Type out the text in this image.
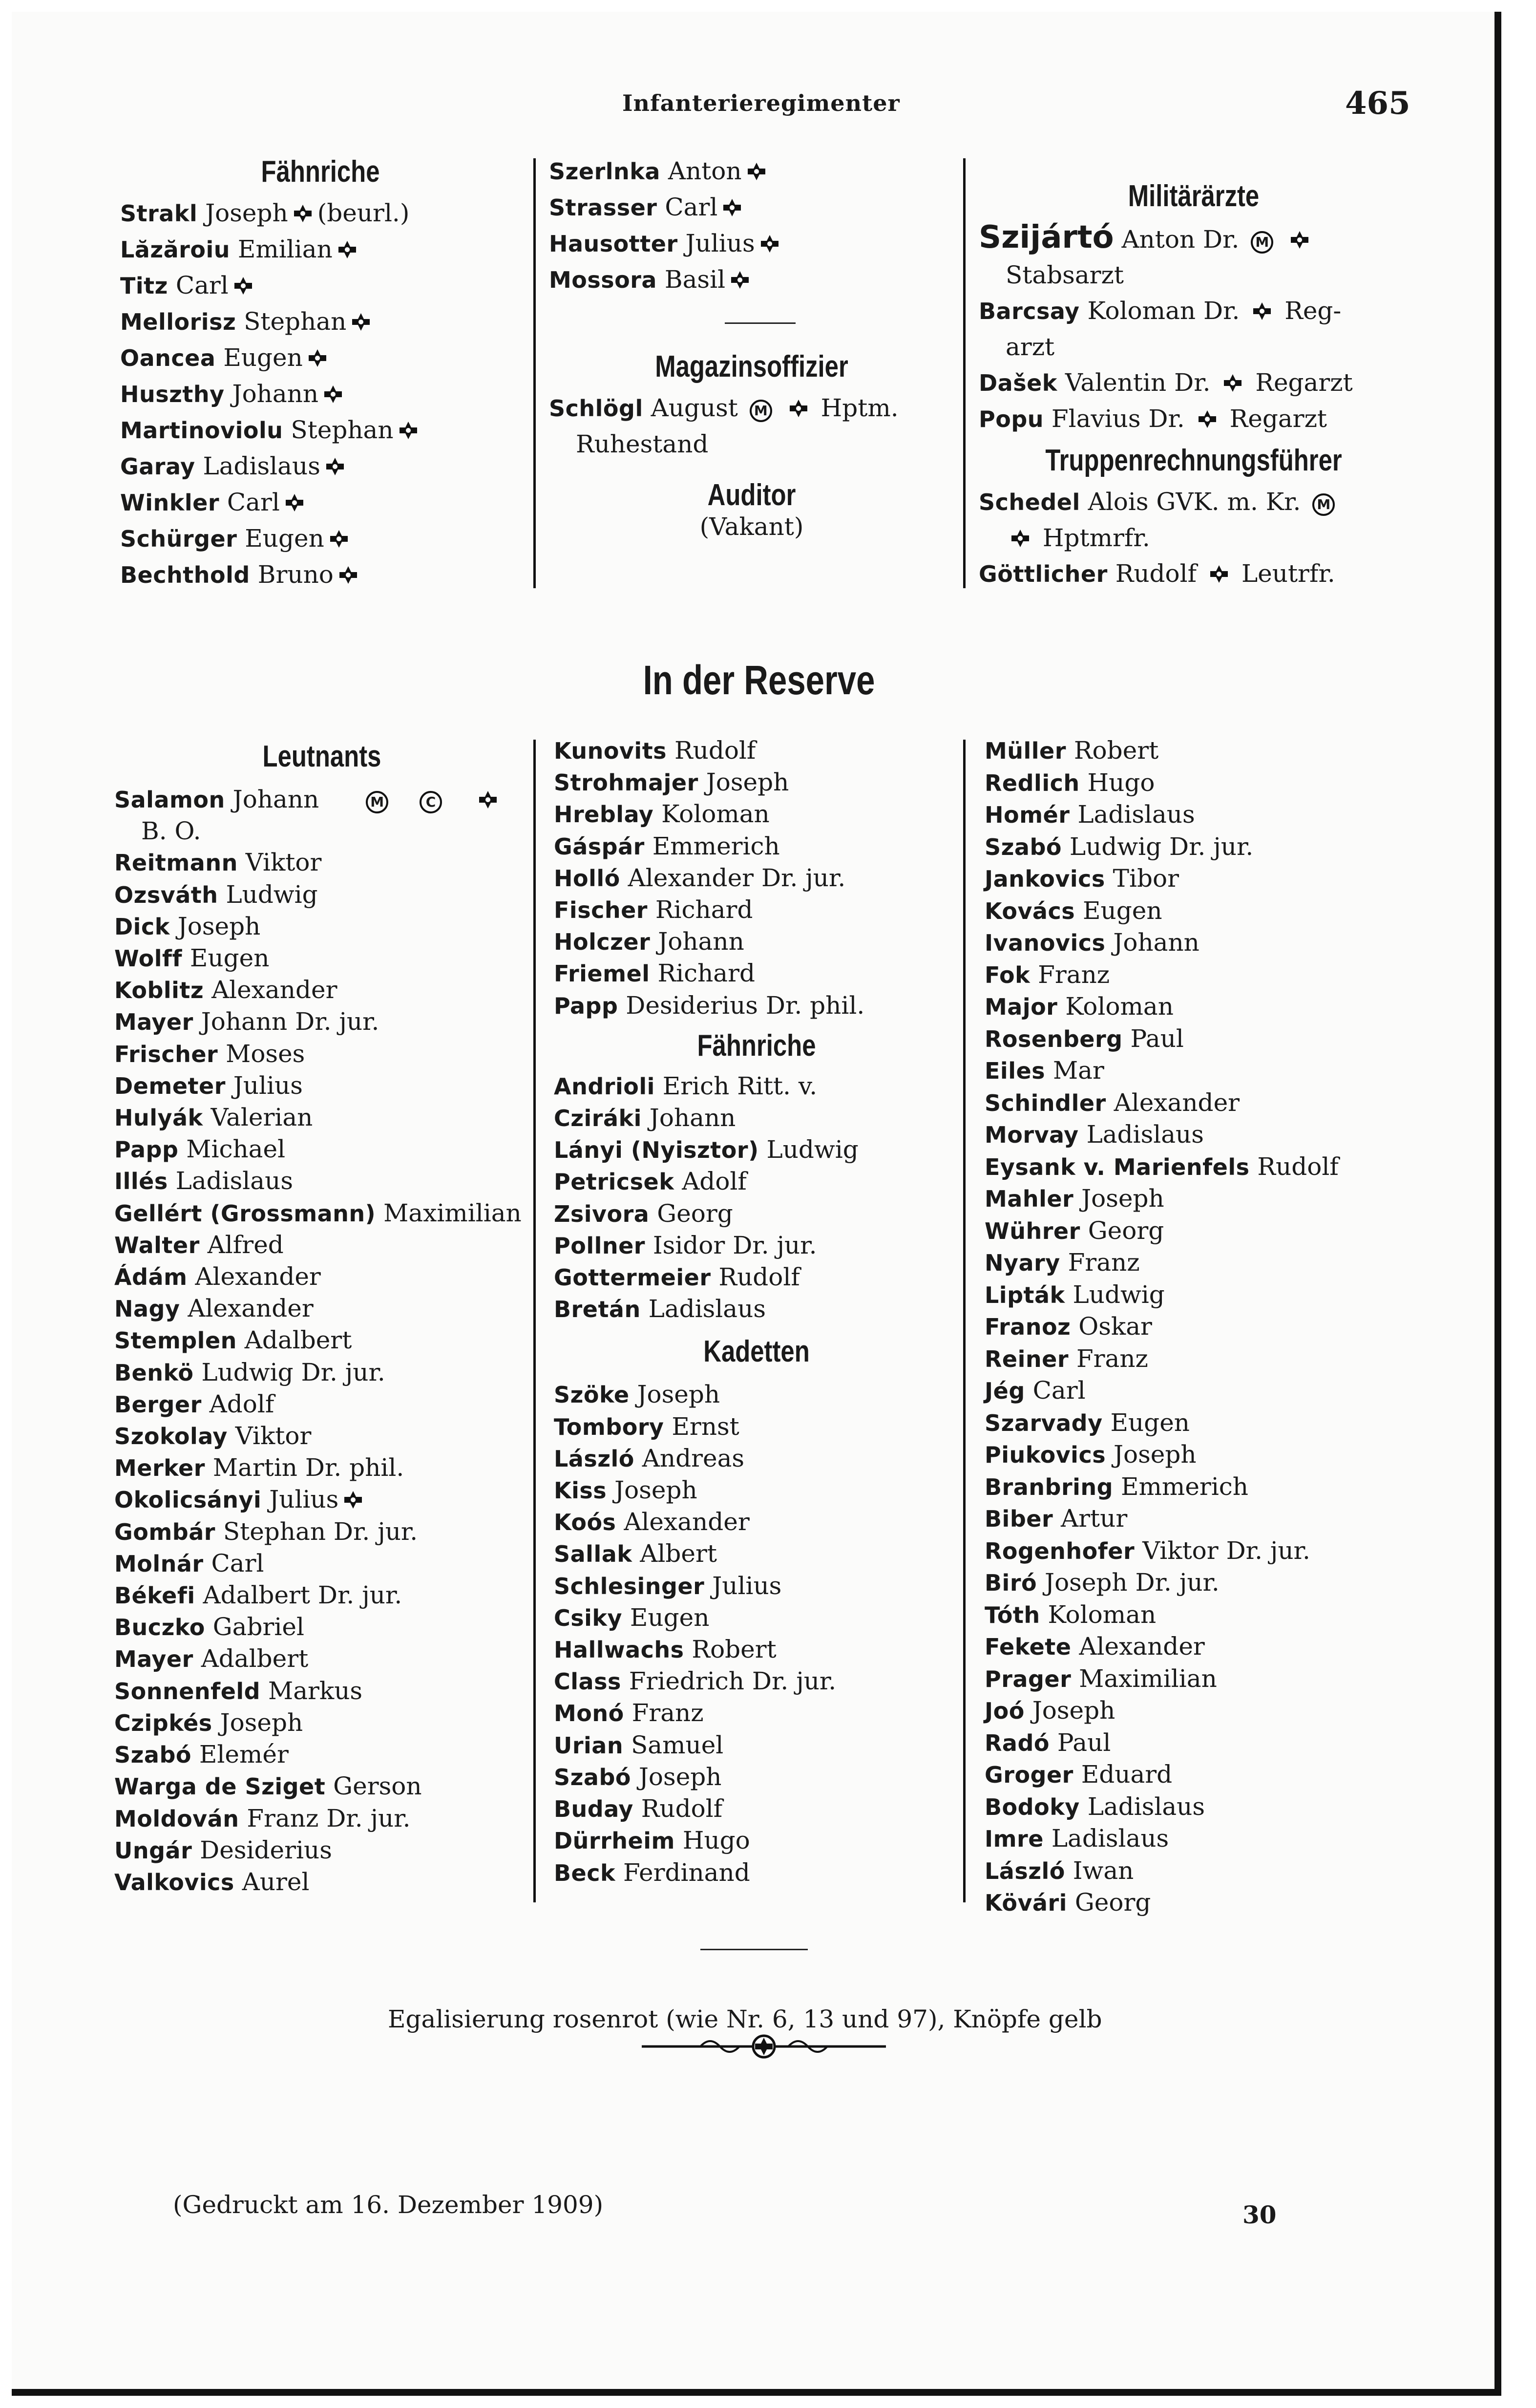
Infanterieregimenter	465
Fähnriche
Strakl Joseph (beurl.)
Lăzăroiu Emilian
Titz Carl
Mellorisz Stephan
Oancea Eugen
Huszthy Johann
Martinoviolu Stephan
Garay Ladislaus
Winkler Carl
Schürger Eugen
Bechthold Bruno
Szerlnka Anton
Strasser Carl
Hausotter Julius
Mossora Basil
Magazinsoffizier
Schlögl August M Hptm.
Ruhestand
Auditor
(Vakant)
Militärärzte
Szijártó Anton Dr. M
Stabsarzt
Barcsay Koloman Dr. Reg-
arzt
Dašek Valentin Dr. Regarzt
Popu Flavius Dr. Regarzt
Truppenrechnungsführer
Schedel Alois GVK. m. Kr. M
Hptmrfr.
Göttlicher Rudolf Leutrfr.
In der Reserve
Leutnants
Salamon Johann	M	C
B. O.
Reitmann Viktor
Ozsváth Ludwig
Dick Joseph
Wolff Eugen
Koblitz Alexander
Mayer Johann Dr. jur.
Frischer Moses
Demeter Julius
Hulyák Valerian
Papp Michael
Illés Ladislaus
Gellért (Grossmann) Maximilian
Walter Alfred
Ádám Alexander
Nagy Alexander
Stemplen Adalbert
Benkö Ludwig Dr. jur.
Berger Adolf
Szokolay Viktor
Merker Martin Dr. phil.
Okolicsányi Julius
Gombár Stephan Dr. jur.
Molnár Carl
Békefi Adalbert Dr. jur.
Buczko Gabriel
Mayer Adalbert
Sonnenfeld Markus
Czipkés Joseph
Szabó Elemér
Warga de Sziget Gerson
Moldován Franz Dr. jur.
Ungár Desiderius
Valkovics Aurel
Kunovits Rudolf
Strohmajer Joseph
Hreblay Koloman
Gáspár Emmerich
Holló Alexander Dr. jur.
Fischer Richard
Holczer Johann
Friemel Richard
Papp Desiderius Dr. phil.
Fähnriche
Andrioli Erich Ritt. v.
Cziráki Johann
Lányi (Nyisztor) Ludwig
Petricsek Adolf
Zsivora Georg
Pollner Isidor Dr. jur.
Gottermeier Rudolf
Bretán Ladislaus
Kadetten
Szöke Joseph
Tombory Ernst
László Andreas
Kiss Joseph
Koós Alexander
Sallak Albert
Schlesinger Julius
Csiky Eugen
Hallwachs Robert
Class Friedrich Dr. jur.
Monó Franz
Urian Samuel
Szabó Joseph
Buday Rudolf
Dürrheim Hugo
Beck Ferdinand
Müller Robert
Redlich Hugo
Homér Ladislaus
Szabó Ludwig Dr. jur.
Jankovics Tibor
Kovács Eugen
Ivanovics Johann
Fok Franz
Major Koloman
Rosenberg Paul
Eiles Mar
Schindler Alexander
Morvay Ladislaus
Eysank v. Marienfels Rudolf
Mahler Joseph
Wührer Georg
Nyary Franz
Lipták Ludwig
Franoz Oskar
Reiner Franz
Jég Carl
Szarvady Eugen
Piukovics Joseph
Branbring Emmerich
Biber Artur
Rogenhofer Viktor Dr. jur.
Biró Joseph Dr. jur.
Tóth Koloman
Fekete Alexander
Prager Maximilian
Joó Joseph
Radó Paul
Groger Eduard
Bodoky Ladislaus
Imre Ladislaus
László Iwan
Kövári Georg
Egalisierung rosenrot (wie Nr. 6, 13 und 97), Knöpfe gelb
(Gedruckt am 16. Dezember 1909)	30
